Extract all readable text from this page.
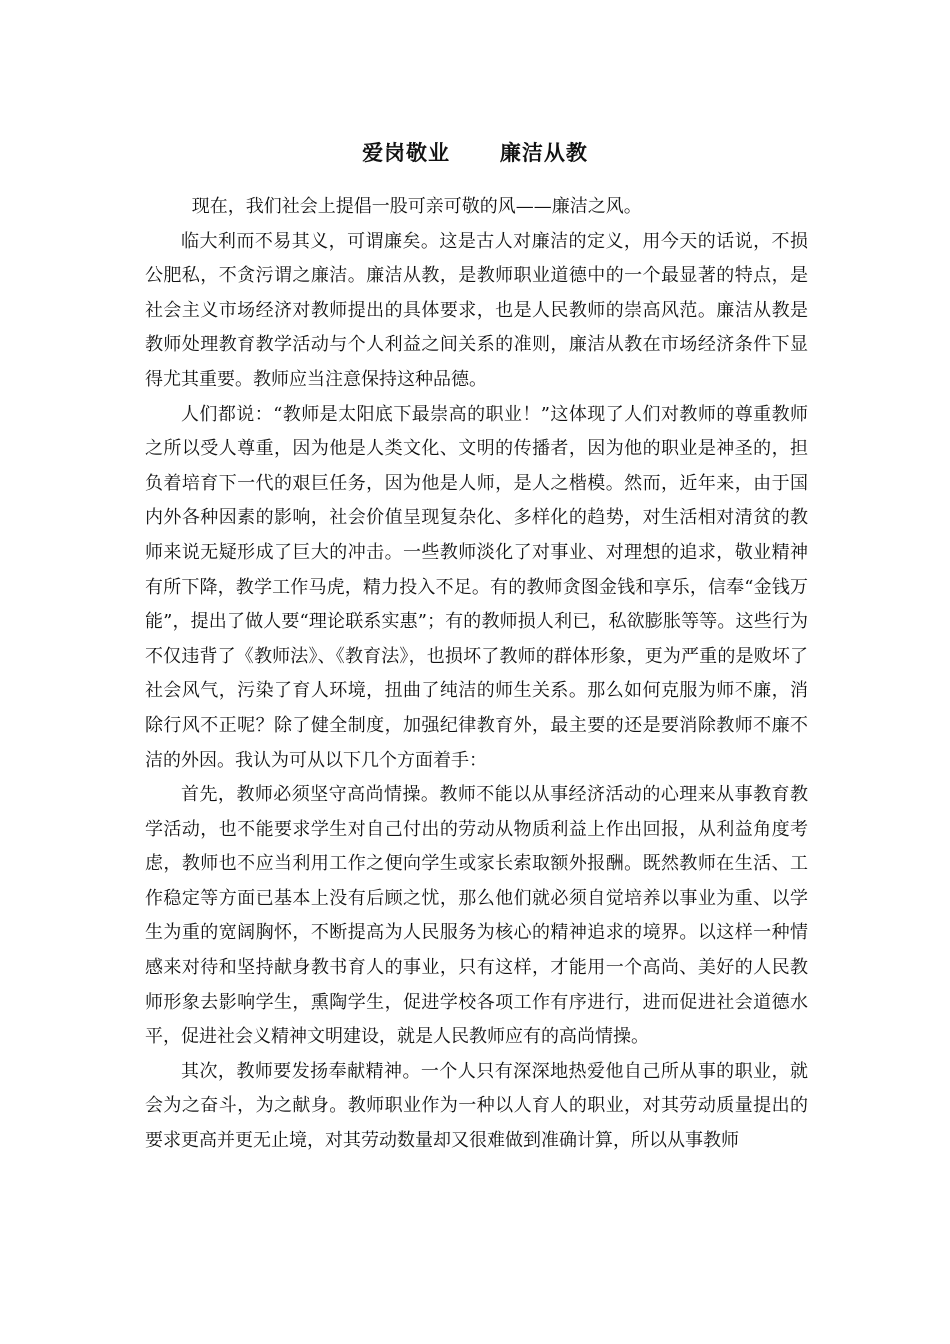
爱岗敬业      廉洁从教

现在，我们社会上提倡一股可亲可敬的风——廉洁之风。

临大利而不易其义，可谓廉矣。这是古人对廉洁的定义，用今天的话说，不损公肥私，不贪污谓之廉洁。廉洁从教，是教师职业道德中的一个最显著的特点，是社会主义市场经济对教师提出的具体要求，也是人民教师的崇高风范。廉洁从教是教师处理教育教学活动与个人利益之间关系的准则，廉洁从教在市场经济条件下显得尤其重要。教师应当注意保持这种品德。

人们都说：“教师是太阳底下最崇高的职业！”这体现了人们对教师的尊重教师之所以受人尊重，因为他是人类文化、文明的传播者，因为他的职业是神圣的，担负着培育下一代的艰巨任务，因为他是人师，是人之楷模。然而，近年来，由于国内外各种因素的影响，社会价值呈现复杂化、多样化的趋势，对生活相对清贫的教师来说无疑形成了巨大的冲击。一些教师淡化了对事业、对理想的追求，敬业精神有所下降，教学工作马虎，精力投入不足。有的教师贪图金钱和享乐，信奉“金钱万能”，提出了做人要“理论联系实惠”；有的教师损人利已，私欲膨胀等等。这些行为不仅违背了《教师法》、《教育法》，也损坏了教师的群体形象，更为严重的是败坏了社会风气，污染了育人环境，扭曲了纯洁的师生关系。那么如何克服为师不廉，消除行风不正呢？除了健全制度，加强纪律教育外，最主要的还是要消除教师不廉不洁的外因。我认为可从以下几个方面着手：

首先，教师必须坚守高尚情操。教师不能以从事经济活动的心理来从事教育教学活动，也不能要求学生对自己付出的劳动从物质利益上作出回报，从利益角度考虑，教师也不应当利用工作之便向学生或家长索取额外报酬。既然教师在生活、工作稳定等方面已基本上没有后顾之忧，那么他们就必须自觉培养以事业为重、以学生为重的宽阔胸怀，不断提高为人民服务为核心的精神追求的境界。以这样一种情感来对待和坚持献身教书育人的事业，只有这样，才能用一个高尚、美好的人民教师形象去影响学生，熏陶学生，促进学校各项工作有序进行，进而促进社会道德水平，促进社会义精神文明建设，就是人民教师应有的高尚情操。

其次，教师要发扬奉献精神。一个人只有深深地热爱他自己所从事的职业，就会为之奋斗，为之献身。教师职业作为一种以人育人的职业，对其劳动质量提出的要求更高并更无止境，对其劳动数量却又很难做到准确计算，所以从事教师
